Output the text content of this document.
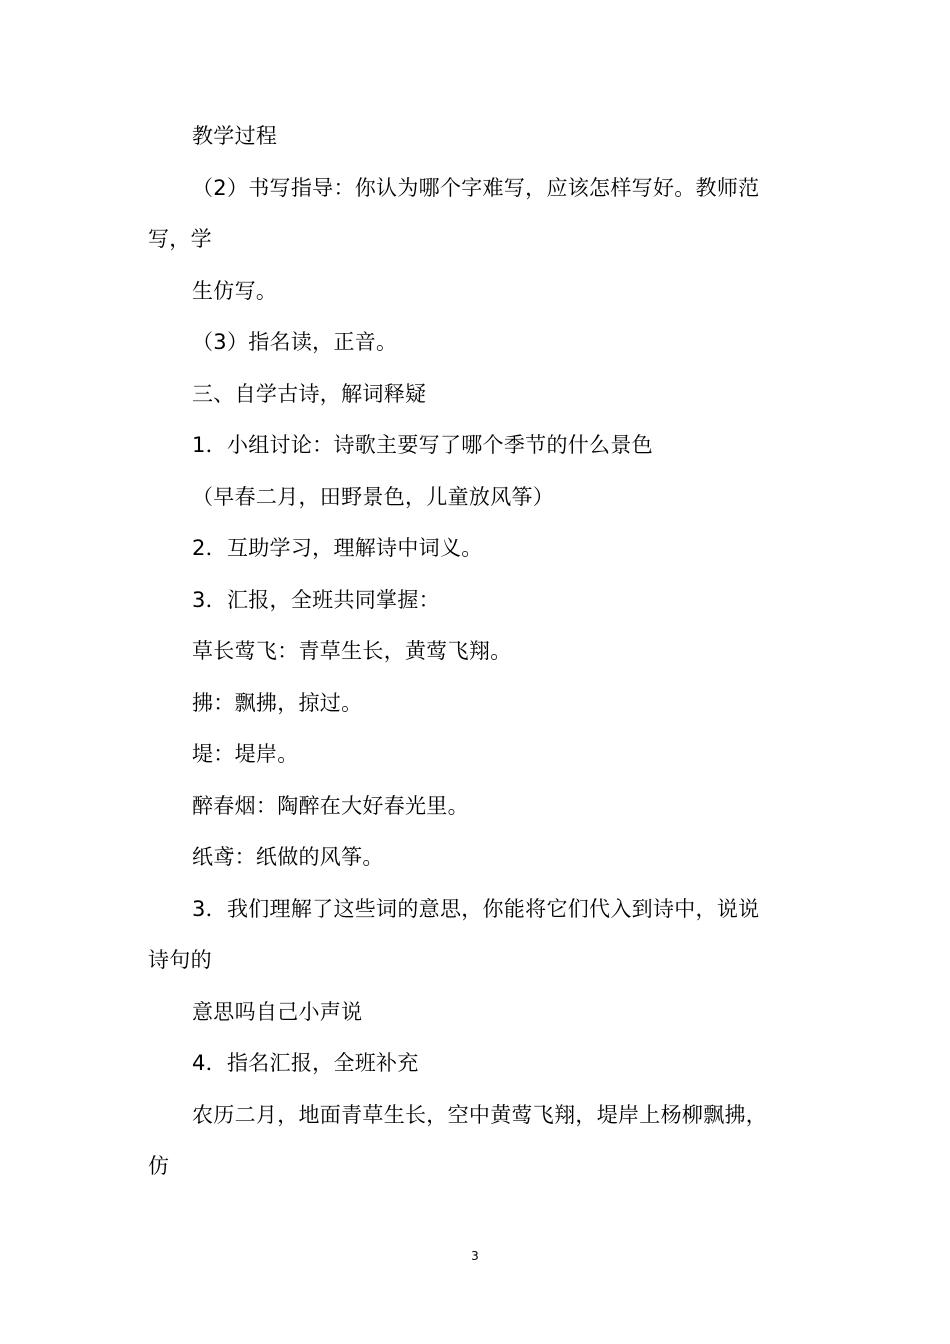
教学过程
（2）书写指导：你认为哪个字难写，应该怎样写好。教师范
写，学
生仿写。
（3）指名读，正音。
三、自学古诗，解词释疑
1．小组讨论：诗歌主要写了哪个季节的什么景色
（早春二月，田野景色，儿童放风筝）
2．互助学习，理解诗中词义。
3．汇报，全班共同掌握：
草长莺飞：青草生长，黄莺飞翔。
拂：飘拂，掠过。
堤：堤岸。
醉春烟：陶醉在大好春光里。
纸鸢：纸做的风筝。
3．我们理解了这些词的意思，你能将它们代入到诗中，说说
诗句的
意思吗自己小声说
4．指名汇报，全班补充
农历二月，地面青草生长，空中黄莺飞翔，堤岸上杨柳飘拂，
仿
3
